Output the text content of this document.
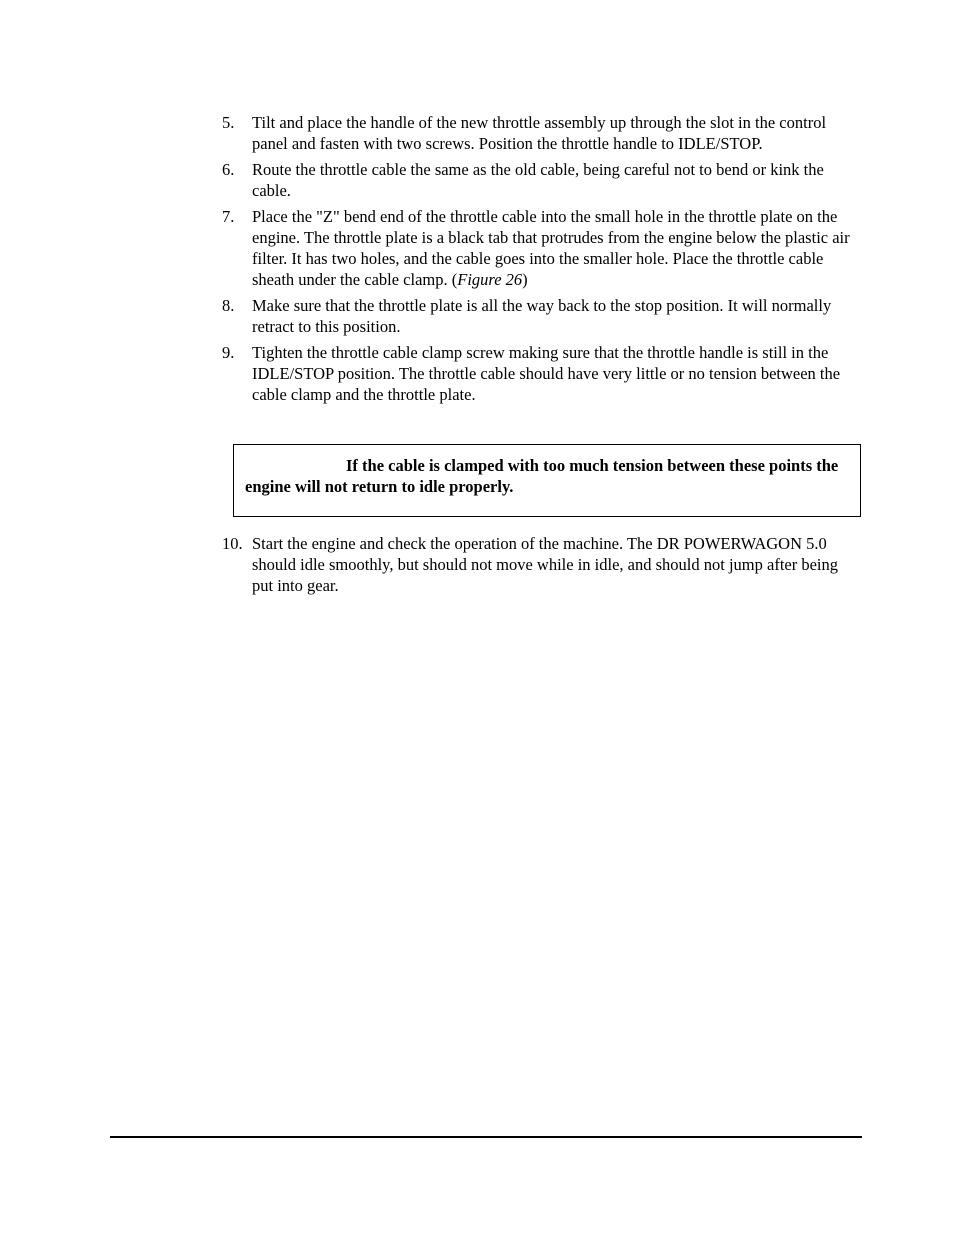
5.	Tilt and place the handle of the new throttle assembly up through the slot in the control panel and fasten with two screws. Position the throttle handle to IDLE/STOP.
6.	Route the throttle cable the same as the old cable, being careful not to bend or kink the cable.
7.	Place the "Z" bend end of the throttle cable into the small hole in the throttle plate on the engine. The throttle plate is a black tab that protrudes from the engine below the plastic air filter. It has two holes, and the cable goes into the smaller hole. Place the throttle cable sheath under the cable clamp. (Figure 26)
8.	Make sure that the throttle plate is all the way back to the stop position. It will normally retract to this position.
9.	Tighten the throttle cable clamp screw making sure that the throttle handle is still in the IDLE/STOP position. The throttle cable should have very little or no tension between the cable clamp and the throttle plate.

If the cable is clamped with too much tension between these points the engine will not return to idle properly.

10. Start the engine and check the operation of the machine. The DR POWERWAGON 5.0 should idle smoothly, but should not move while in idle, and should not jump after being put into gear.
